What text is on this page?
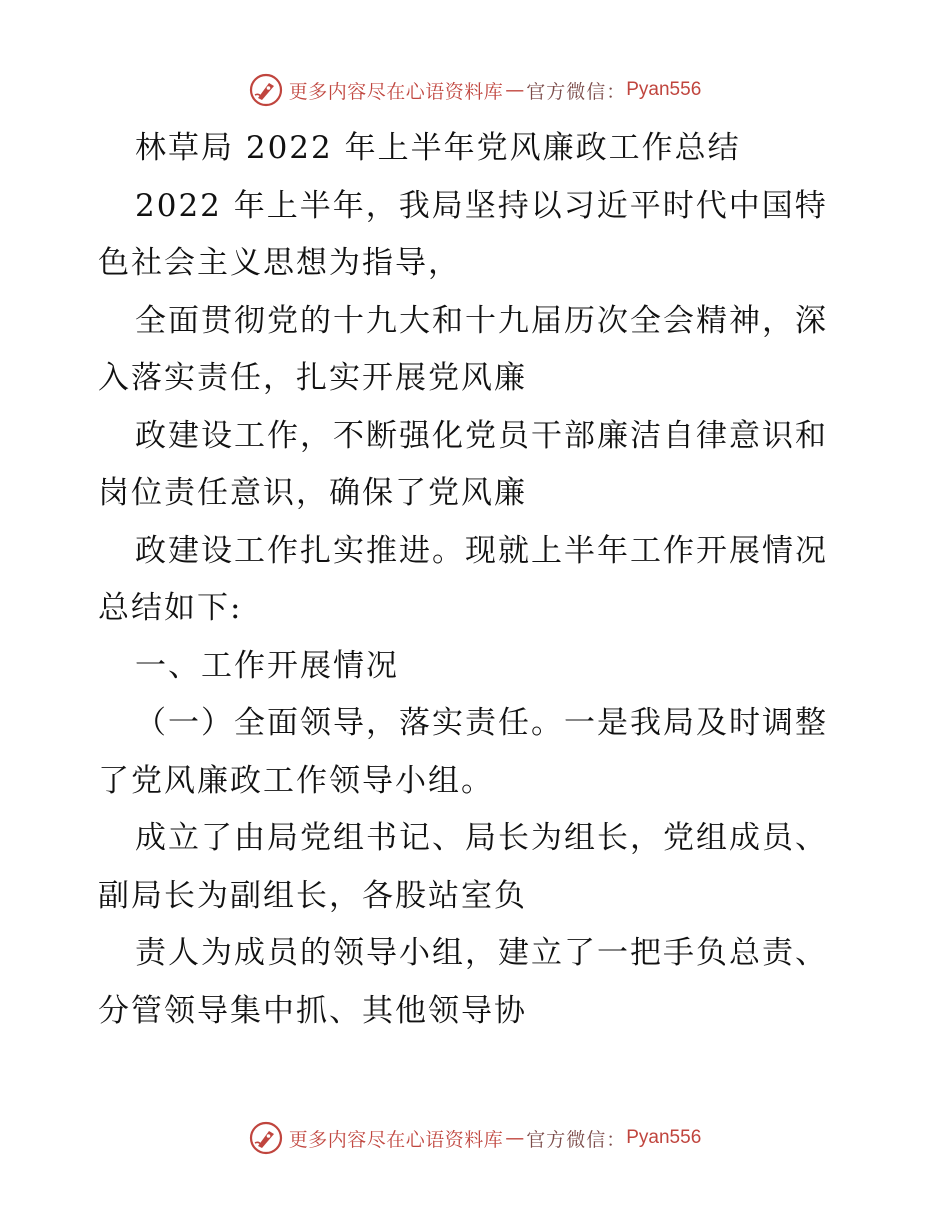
更多内容尽在心语资料库 — 官方微信： Pyan556
林草局 2022 年上半年党风廉政工作总结
2022 年上半年，我局坚持以习近平时代中国特
色社会主义思想为指导，
全面贯彻党的十九大和十九届历次全会精神，深
入落实责任，扎实开展党风廉
政建设工作，不断强化党员干部廉洁自律意识和
岗位责任意识，确保了党风廉
政建设工作扎实推进。现就上半年工作开展情况
总结如下:
一、工作开展情况
（一）全面领导，落实责任。一是我局及时调整
了党风廉政工作领导小组。
成立了由局党组书记、局长为组长，党组成员、
副局长为副组长，各股站室负
责人为成员的领导小组，建立了一把手负总责、
分管领导集中抓、其他领导协
更多内容尽在心语资料库 — 官方微信： Pyan556
